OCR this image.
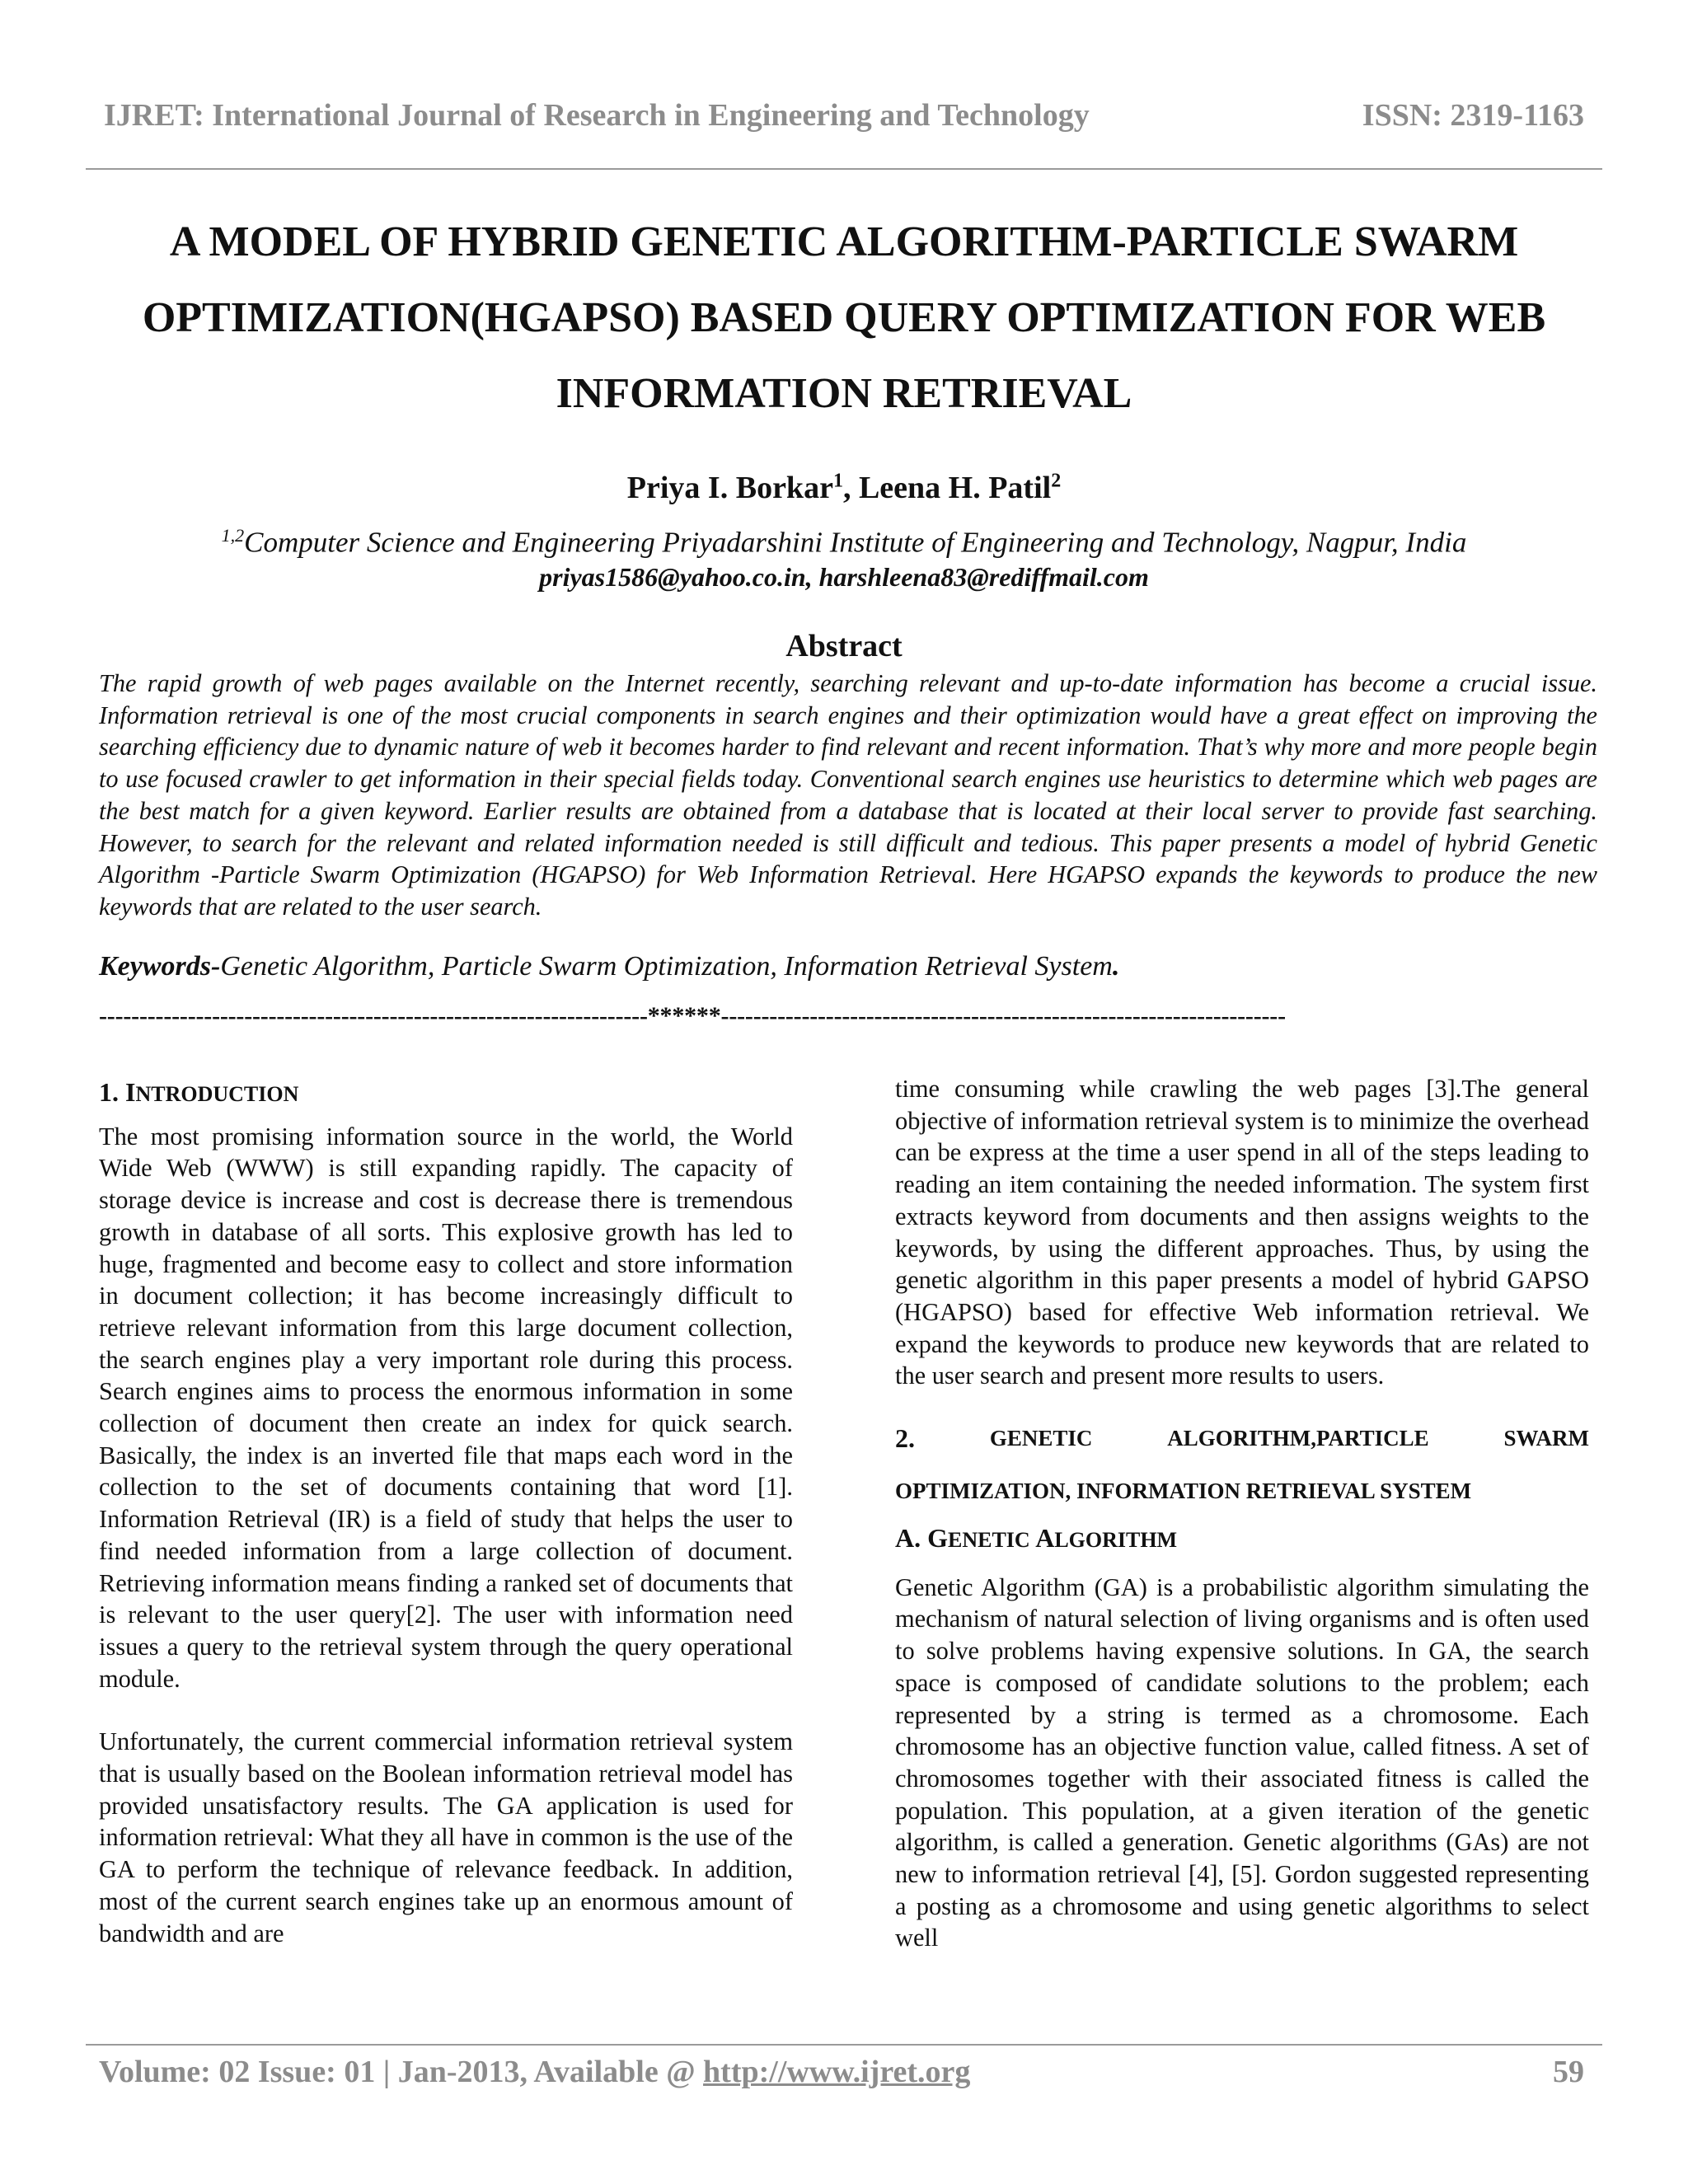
IJRET: International Journal of Research in Engineering and Technology	ISSN: 2319-1163
A MODEL OF HYBRID GENETIC ALGORITHM-PARTICLE SWARM OPTIMIZATION(HGAPSO) BASED QUERY OPTIMIZATION FOR WEB INFORMATION RETRIEVAL
Priya I. Borkar$^1$, Leena H. Patil$^2$
$^{1,2}$Computer Science and Engineering Priyadarshini Institute of Engineering and Technology, Nagpur, India
priyas1586@yahoo.co.in, harshleena83@rediffmail.com
Abstract
The rapid growth of web pages available on the Internet recently, searching relevant and up-to-date information has become a crucial issue. Information retrieval is one of the most crucial components in search engines and their optimization would have a great effect on improving the searching efficiency due to dynamic nature of web it becomes harder to find relevant and recent information. That’s why more and more people begin to use focused crawler to get information in their special fields today. Conventional search engines use heuristics to determine which web pages are the best match for a given keyword. Earlier results are obtained from a database that is located at their local server to provide fast searching. However, to search for the relevant and related information needed is still difficult and tedious. This paper presents a model of hybrid Genetic Algorithm -Particle Swarm Optimization (HGAPSO) for Web Information Retrieval. Here HGAPSO expands the keywords to produce the new keywords that are related to the user search.
Keywords-Genetic Algorithm, Particle Swarm Optimization, Information Retrieval System.
--------------------------------------------------------------------******----------------------------------------------------------------------

1. INTRODUCTION

The most promising information source in the world, the World Wide Web (WWW) is still expanding rapidly. The capacity of storage device is increase and cost is decrease there is tremendous growth in database of all sorts. This explosive growth has led to huge, fragmented and become easy to collect and store information in document collection; it has become increasingly difficult to retrieve relevant information from this large document collection, the search engines play a very important role during this process. Search engines aims to process the enormous information in some collection of document then create an index for quick search. Basically, the index is an inverted file that maps each word in the collection to the set of documents containing that word [1]. Information Retrieval (IR) is a field of study that helps the user to find needed information from a large collection of document. Retrieving information means finding a ranked set of documents that is relevant to the user query[2]. The user with information need issues a query to the retrieval system through the query operational module.

Unfortunately, the current commercial information retrieval system that is usually based on the Boolean information retrieval model has provided unsatisfactory results. The GA application is used for information retrieval: What they all have in common is the use of the GA to perform the technique of relevance feedback. In addition, most of the current search engines take up an enormous amount of bandwidth and are

time consuming while crawling the web pages [3].The general objective of information retrieval system is to minimize the overhead can be express at the time a user spend in all of the steps leading to reading an item containing the needed information. The system first extracts keyword from documents and then assigns weights to the keywords, by using the different approaches. Thus, by using the genetic algorithm in this paper presents a model of hybrid GAPSO (HGAPSO) based for effective Web information retrieval. We expand the keywords to produce new keywords that are related to the user search and present more results to users.

2.	GENETIC	ALGORITHM,PARTICLE	SWARM
OPTIMIZATION, INFORMATION RETRIEVAL SYSTEM

A. GENETIC ALGORITHM

Genetic Algorithm (GA) is a probabilistic algorithm simulating the mechanism of natural selection of living organisms and is often used to solve problems having expensive solutions. In GA, the search space is composed of candidate solutions to the problem; each represented by a string is termed as a chromosome. Each chromosome has an objective function value, called fitness. A set of chromosomes together with their associated fitness is called the population. This population, at a given iteration of the genetic algorithm, is called a generation. Genetic algorithms (GAs) are not new to information retrieval [4], [5]. Gordon suggested representing a posting as a chromosome and using genetic algorithms to select well

Volume: 02 Issue: 01 | Jan-2013, Available @ http://www.ijret.org	59
